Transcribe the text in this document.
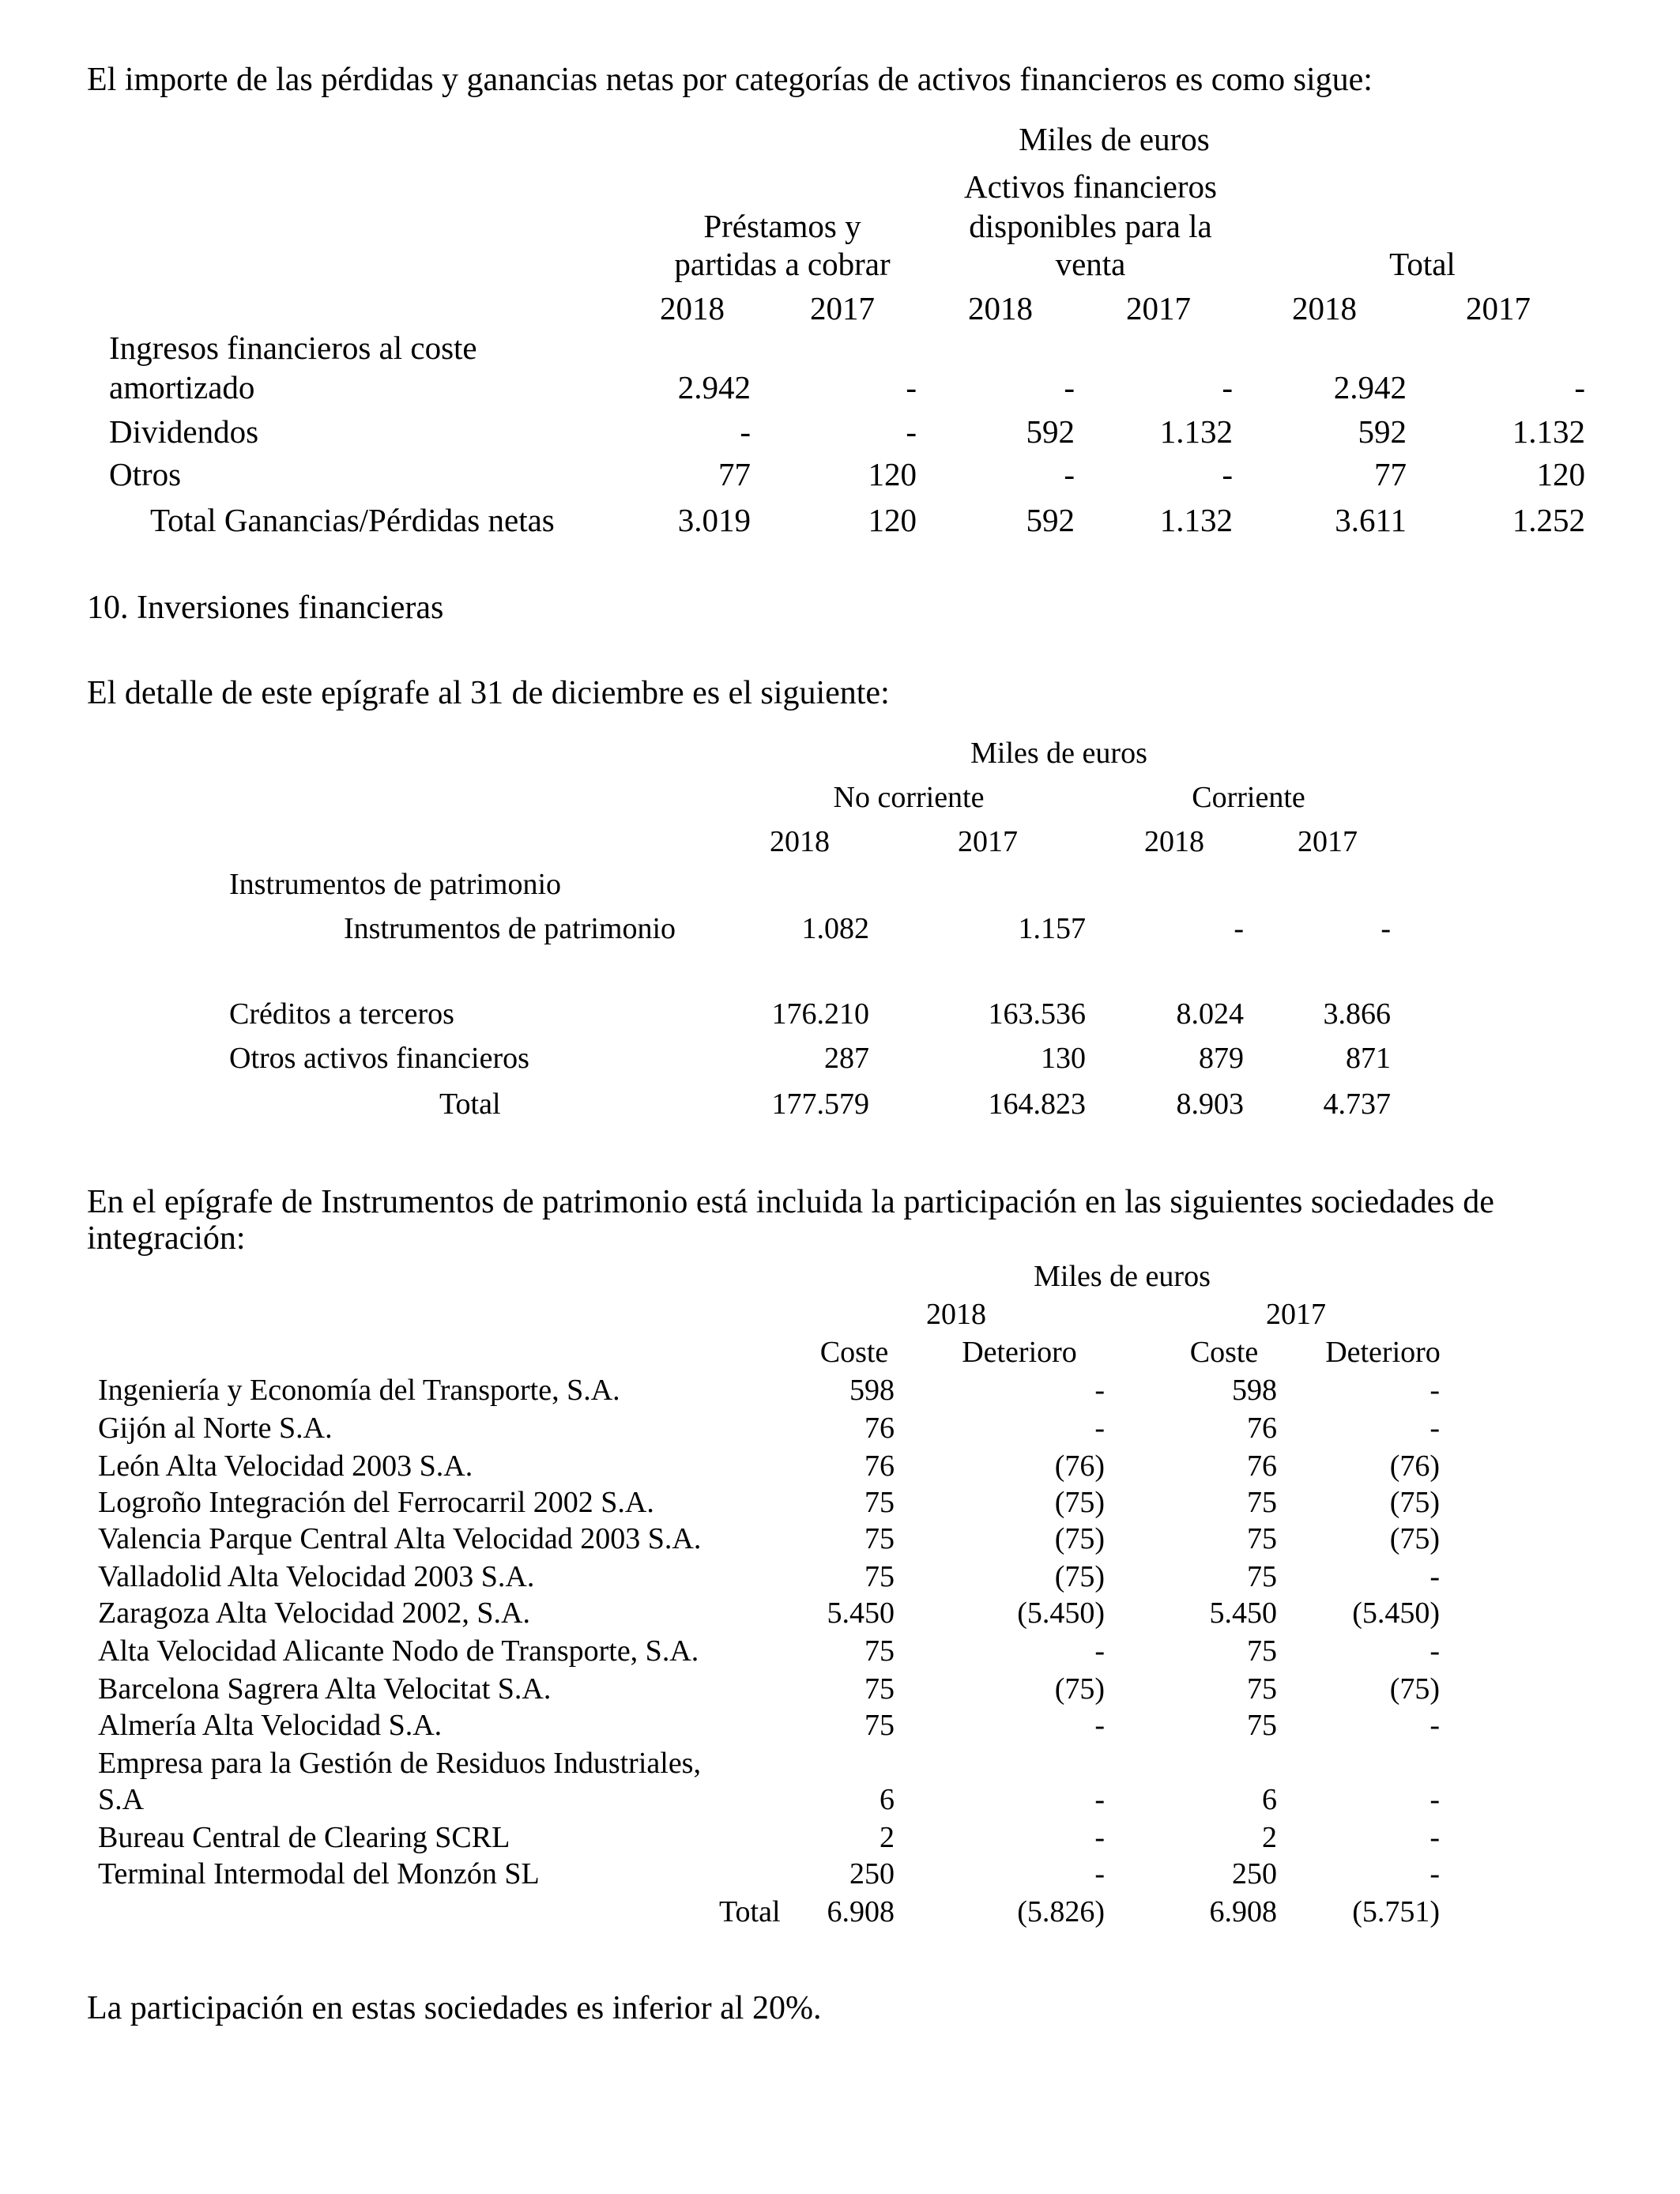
El importe de las pérdidas y ganancias netas por categorías de activos financieros es como sigue:
Miles de euros
Préstamos y
partidas a cobrar
Activos financieros
disponibles para la
venta	Total
2018	2017	2018	2017	2018	2017
Ingresos financieros al coste
amortizado	2.942	-	-	-	2.942	-
Dividendos	-	-	592	1.132	592	1.132
Otros	77	120	-	-	77	120
Total Ganancias/Pérdidas netas	3.019	120	592	1.132	3.611	1.252
10. Inversiones financieras
El detalle de este epígrafe al 31 de diciembre es el siguiente:
Miles de euros
No corriente	Corriente
2018	2017	2018	2017
Instrumentos de patrimonio
Instrumentos de patrimonio	1.082	1.157	-	-
Créditos a terceros	176.210	163.536	8.024	3.866
Otros activos financieros	287	130	879	871
Total	177.579	164.823	8.903	4.737
En el epígrafe de Instrumentos de patrimonio está incluida la participación en las siguientes sociedades de
integración:
Miles de euros
2018	2017
Coste	Deterioro	Coste	Deterioro
Ingeniería y Economía del Transporte, S.A.	598	-	598	-
Gijón al Norte S.A.	76	-	76	-
León Alta Velocidad 2003 S.A.	76	(76)	76	(76)
Logroño Integración del Ferrocarril 2002 S.A.	75	(75)	75	(75)
Valencia Parque Central Alta Velocidad 2003 S.A.	75	(75)	75	(75)
Valladolid Alta Velocidad 2003 S.A.	75	(75)	75	-
Zaragoza Alta Velocidad 2002, S.A.	5.450	(5.450)	5.450	(5.450)
Alta Velocidad Alicante Nodo de Transporte, S.A.	75	-	75	-
Barcelona Sagrera Alta Velocitat S.A.	75	(75)	75	(75)
Almería Alta Velocidad S.A.	75	-	75	-
Empresa para la Gestión de Residuos Industriales,
S.A	6	-	6	-
Bureau Central de Clearing SCRL	2	-	2	-
Terminal Intermodal del Monzón SL	250	-	250	-
Total 6.908	(5.826)	6.908	(5.751)
La participación en estas sociedades es inferior al 20%.
